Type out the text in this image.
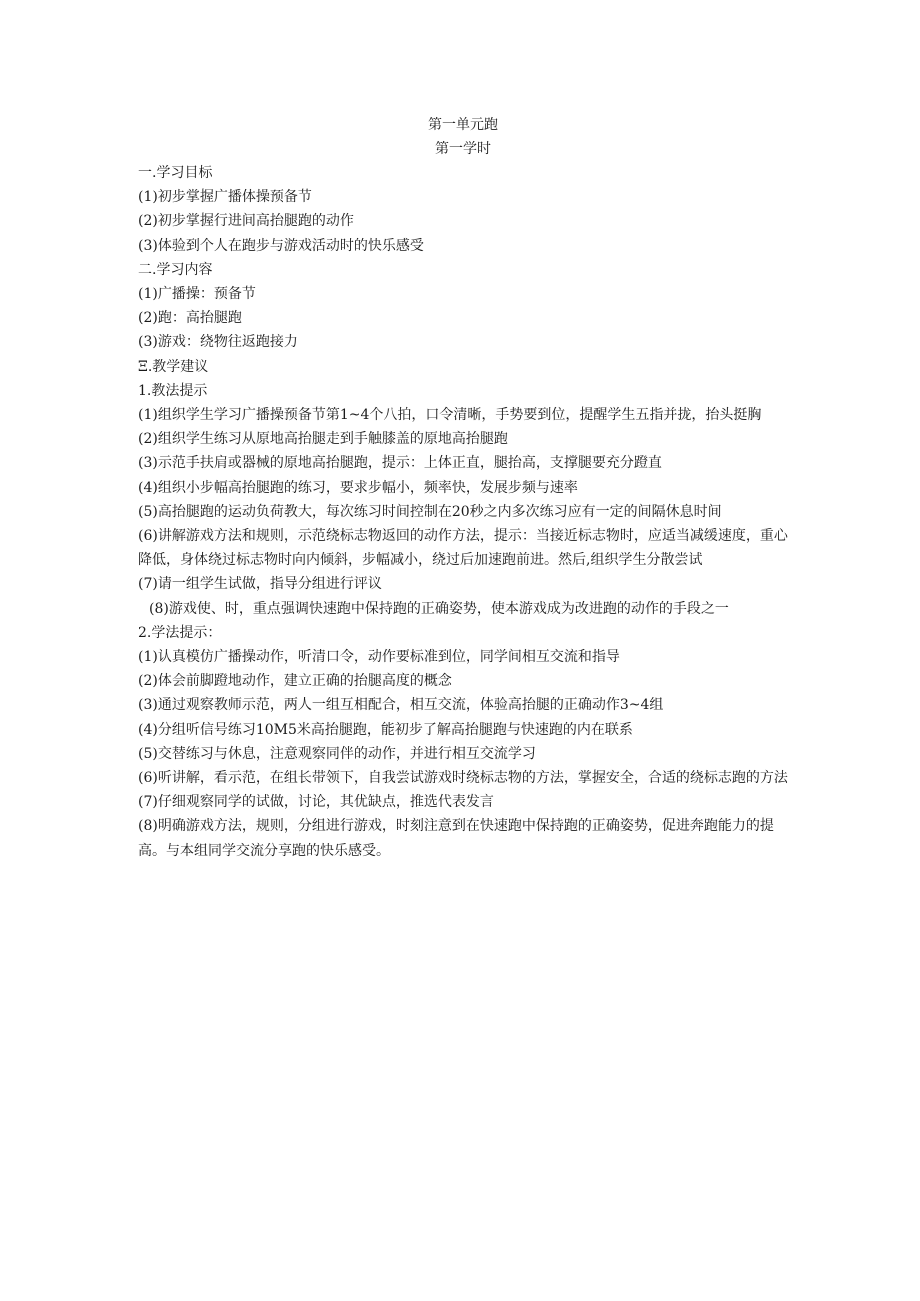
第一单元跑

第一学时

一.学习目标

(1)初步掌握广播体操预备节

(2)初步掌握行进间高抬腿跑的动作

(3)体验到个人在跑步与游戏活动时的快乐感受

二.学习内容

(1)广播操：预备节

(2)跑：高抬腿跑

(3)游戏：绕物往返跑接力

Ξ.教学建议

1.教法提示

(1)组织学生学习广播操预备节第1~4个八拍，口令清晰，手势要到位，提醒学生五指并拢，抬头挺胸

(2)组织学生练习从原地高抬腿走到手触膝盖的原地高抬腿跑

(3)示范手扶肩或器械的原地高抬腿跑，提示：上体正直，腿抬高，支撑腿要充分蹬直

(4)组织小步幅高抬腿跑的练习，要求步幅小，频率快，发展步频与速率

(5)高抬腿跑的运动负荷教大，每次练习时间控制在20秒之内多次练习应有一定的间隔休息时间

(6)讲解游戏方法和规则，示范绕标志物返回的动作方法，提示：当接近标志物时，应适当减缓速度，重心降低，身体绕过标志物时向内倾斜，步幅减小，绕过后加速跑前进。然后,组织学生分散尝试

(7)请一组学生试做，指导分组进行评议

(8)游戏使、时，重点强调快速跑中保持跑的正确姿势，使本游戏成为改进跑的动作的手段之一

2.学法提示：

(1)认真模仿广播操动作，听清口令，动作要标准到位，同学间相互交流和指导

(2)体会前脚蹬地动作，建立正确的抬腿高度的概念

(3)通过观察教师示范，两人一组互相配合，相互交流，体验高抬腿的正确动作3~4组

(4)分组听信号练习10M5米高抬腿跑，能初步了解高抬腿跑与快速跑的内在联系

(5)交替练习与休息，注意观察同伴的动作，并进行相互交流学习

(6)听讲解，看示范，在组长带领下，自我尝试游戏时绕标志物的方法，掌握安全，合适的绕标志跑的方法

(7)仔细观察同学的试做，讨论，其优缺点，推选代表发言

(8)明确游戏方法，规则，分组进行游戏，时刻注意到在快速跑中保持跑的正确姿势，促进奔跑能力的提高。与本组同学交流分享跑的快乐感受。
